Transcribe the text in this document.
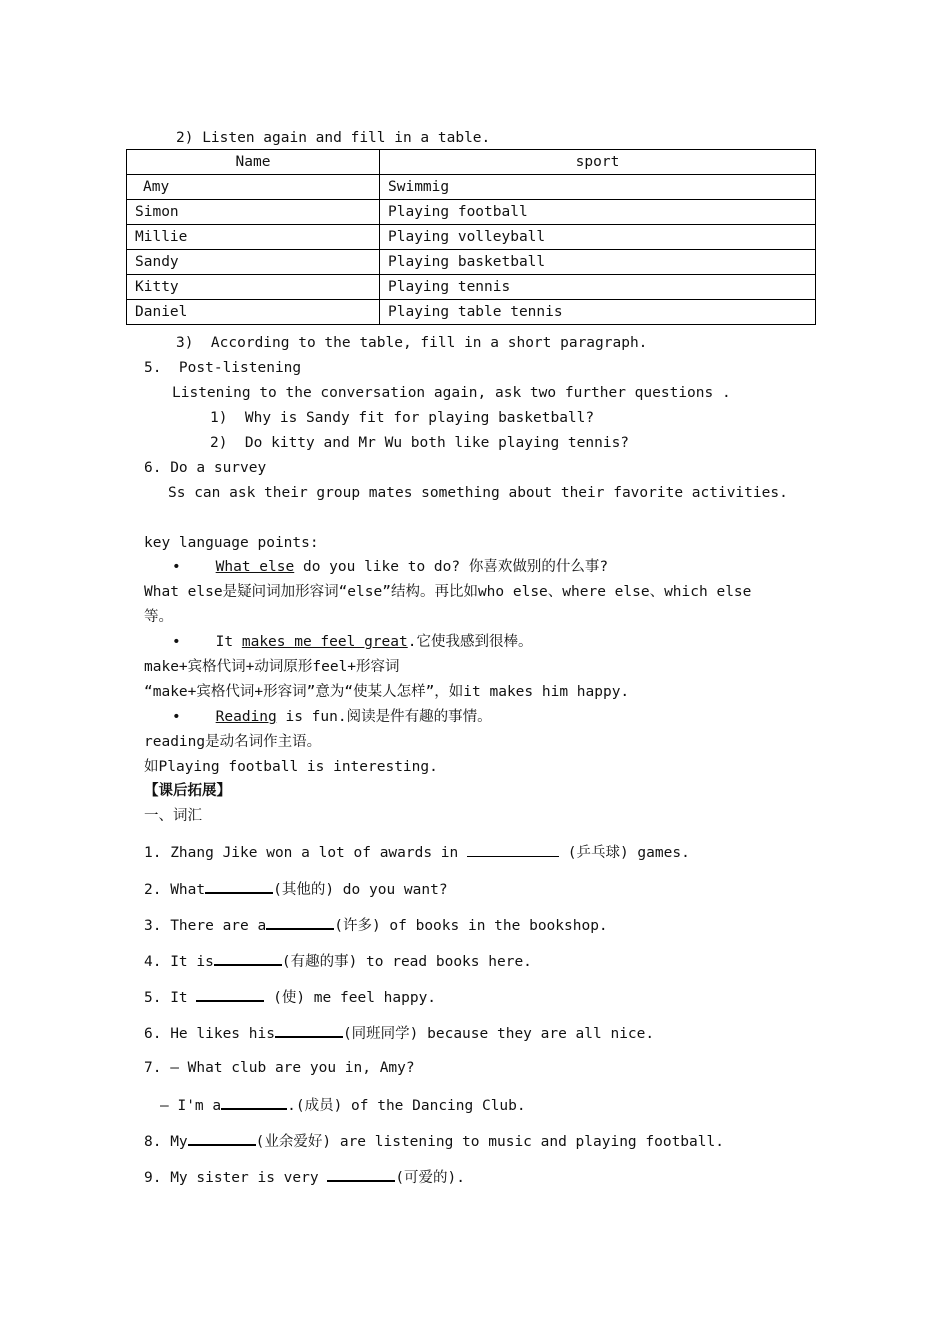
2) Listen again and fill in a table.
Name	sport
Amy	Swimmig
Simon	Playing football
Millie	Playing volleyball
Sandy	Playing basketball
Kitty	Playing tennis
Daniel	Playing table tennis
3)  According to the table, fill in a short paragraph.
5.  Post-listening
Listening to the conversation again, ask two further questions .
1)  Why is Sandy fit for playing basketball?
2)  Do kitty and Mr Wu both like playing tennis?
6. Do a survey
Ss can ask their group mates something about their favorite activities.
key language points:
• What else do you like to do? 你喜欢做别的什么事?
What else是疑问词加形容词“else”结构。再比如who else、where else、which else
等。
• It makes me feel great.它使我感到很棒。
make+宾格代词+动词原形feel+形容词
“make+宾格代词+形容词”意为“使某人怎样”，如it makes him happy.
• Reading is fun.阅读是件有趣的事情。
reading是动名词作主语。
如Playing football is interesting.
【课后拓展】
一、词汇
1. Zhang Jike won a lot of awards in	(乒乓球) games.
2. What	(其他的) do you want?
3. There are a	(许多) of books in the bookshop.
4. It is	(有趣的事) to read books here.
5. It	(使) me feel happy.
6. He likes his	(同班同学) because they are all nice.
7. — What club are you in, Amy?
— I'm a	.(成员) of the Dancing Club.
8. My	(业余爱好) are listening to music and playing football.
9. My sister is very	(可爱的).
